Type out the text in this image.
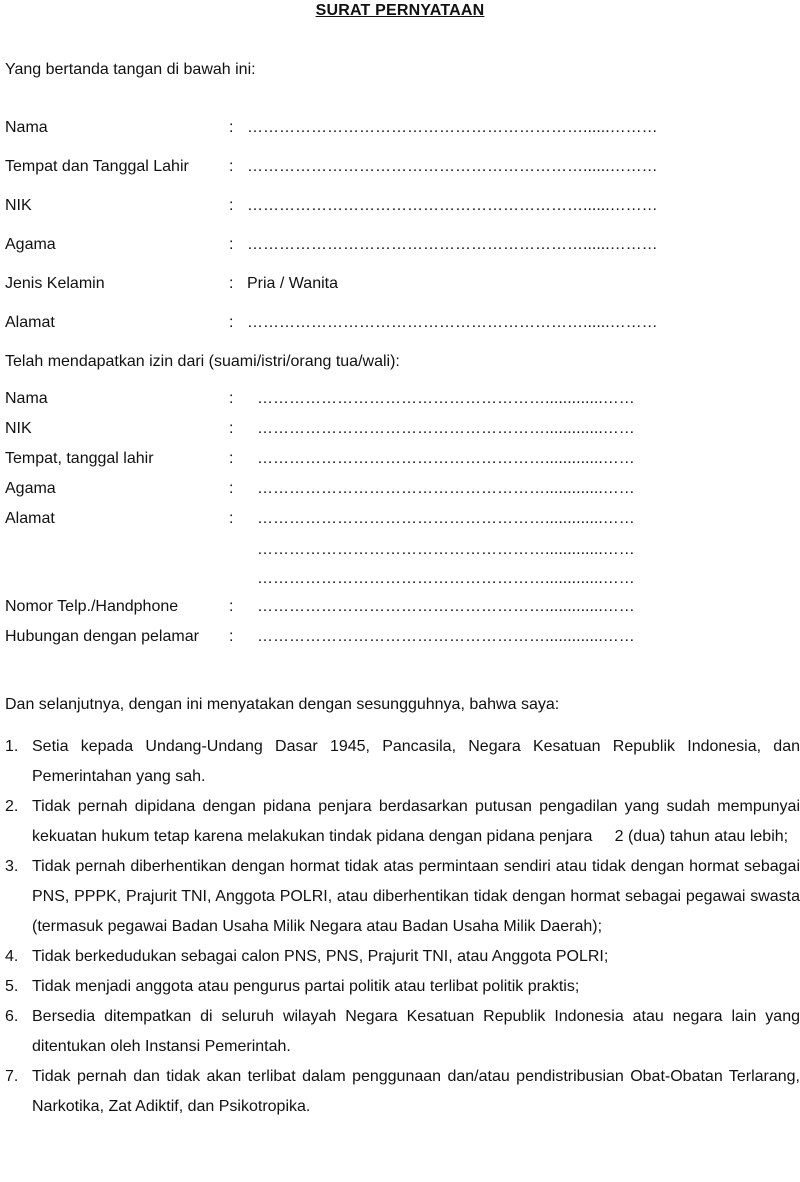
SURAT PERNYATAAN
Yang bertanda tangan di bawah ini:
Nama	: ………………………………………………………......………
Tempat dan Tanggal Lahir	: ………………………………………………………......………
NIK	: ………………………………………………………......………
Agama	: ………………………………………………………......………
Jenis Kelamin	: Pria / Wanita
Alamat	: ………………………………………………………......………
Telah mendapatkan izin dari (suami/istri/orang tua/wali):
Nama	: ……………………………………………….............……
NIK	: ……………………………………………….............……
Tempat, tanggal lahir	: ……………………………………………….............……
Agama	: ……………………………………………….............……
Alamat	: ……………………………………………….............……
……………………………………………….............……
……………………………………………….............……
Nomor Telp./Handphone	: ……………………………………………….............……
Hubungan dengan pelamar : ……………………………………………….............……
Dan selanjutnya, dengan ini menyatakan dengan sesungguhnya, bahwa saya:

1. Setia kepada Undang-Undang Dasar 1945, Pancasila, Negara Kesatuan Republik Indonesia, dan Pemerintahan yang sah.

2. Tidak pernah dipidana dengan pidana penjara berdasarkan putusan pengadilan yang sudah mempunyai kekuatan hukum tetap karena melakukan tindak pidana dengan pidana penjara     2 (dua) tahun atau lebih;

3. Tidak pernah diberhentikan dengan hormat tidak atas permintaan sendiri atau tidak dengan hormat sebagai PNS, PPPK, Prajurit TNI, Anggota POLRI, atau diberhentikan tidak dengan hormat sebagai pegawai swasta (termasuk pegawai Badan Usaha Milik Negara atau Badan Usaha Milik Daerah);

4. Tidak berkedudukan sebagai calon PNS, PNS, Prajurit TNI, atau Anggota POLRI;

5. Tidak menjadi anggota atau pengurus partai politik atau terlibat politik praktis;

6. Bersedia ditempatkan di seluruh wilayah Negara Kesatuan Republik Indonesia atau negara lain yang ditentukan oleh Instansi Pemerintah.

7. Tidak pernah dan tidak akan terlibat dalam penggunaan dan/atau pendistribusian Obat-Obatan Terlarang, Narkotika, Zat Adiktif, dan Psikotropika.
